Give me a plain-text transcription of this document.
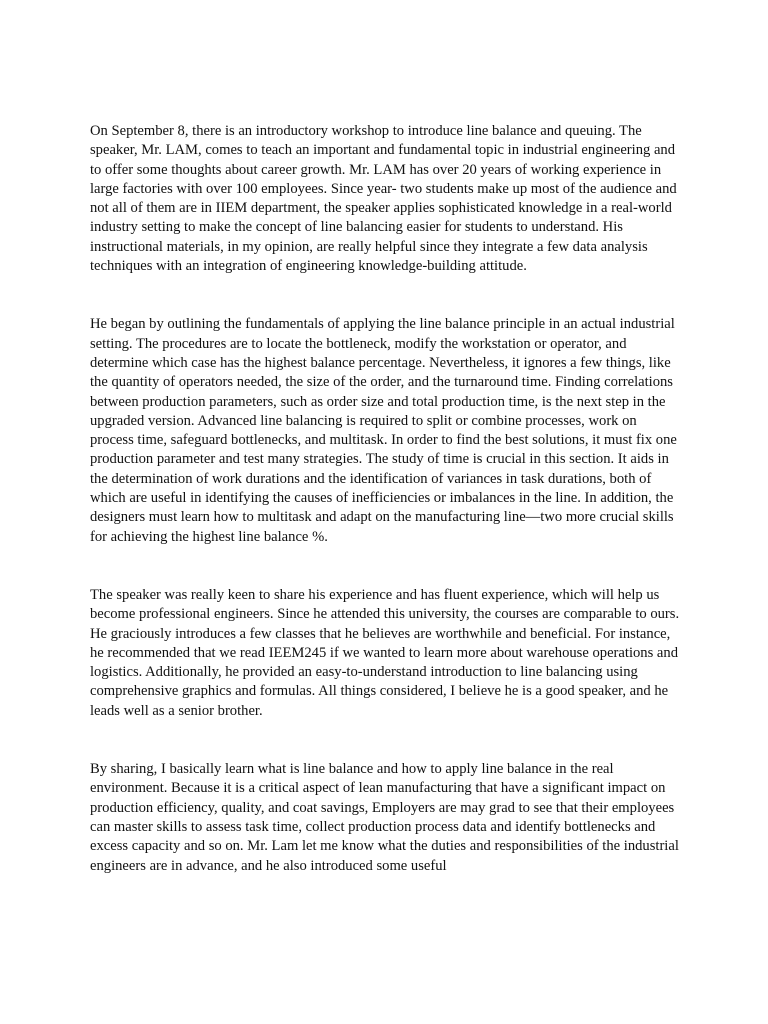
On September 8, there is an introductory workshop to introduce line balance and queuing. The speaker, Mr. LAM, comes to teach an important and fundamental topic in industrial engineering and to offer some thoughts about career growth. Mr. LAM has over 20 years of working experience in large factories with over 100 employees. Since year- two students make up most of the audience and not all of them are in IIEM department, the speaker applies sophisticated knowledge in a real-world industry setting to make the concept of line balancing easier for students to understand. His instructional materials, in my opinion, are really helpful since they integrate a few data analysis techniques with an integration of engineering knowledge-building attitude.

He began by outlining the fundamentals of applying the line balance principle in an actual industrial setting. The procedures are to locate the bottleneck, modify the workstation or operator, and determine which case has the highest balance percentage. Nevertheless, it ignores a few things, like the quantity of operators needed, the size of the order, and the turnaround time. Finding correlations between production parameters, such as order size and total production time, is the next step in the upgraded version. Advanced line balancing is required to split or combine processes, work on process time, safeguard bottlenecks, and multitask. In order to find the best solutions, it must fix one production parameter and test many strategies. The study of time is crucial in this section. It aids in the determination of work durations and the identification of variances in task durations, both of which are useful in identifying the causes of inefficiencies or imbalances in the line. In addition, the designers must learn how to multitask and adapt on the manufacturing line—two more crucial skills for achieving the highest line balance %.

The speaker was really keen to share his experience and has fluent experience, which will help us become professional engineers. Since he attended this university, the courses are comparable to ours. He graciously introduces a few classes that he believes are worthwhile and beneficial. For instance, he recommended that we read IEEM245 if we wanted to learn more about warehouse operations and logistics. Additionally, he provided an easy-to-understand introduction to line balancing using comprehensive graphics and formulas. All things considered, I believe he is a good speaker, and he leads well as a senior brother.

By sharing, I basically learn what is line balance and how to apply line balance in the real environment. Because it is a critical aspect of lean manufacturing that have a significant impact on production efficiency, quality, and coat savings, Employers are may grad to see that their employees can master skills to assess task time, collect production process data and identify bottlenecks and excess capacity and so on. Mr. Lam let me know what the duties and responsibilities of the industrial engineers are in advance, and he also introduced some useful
